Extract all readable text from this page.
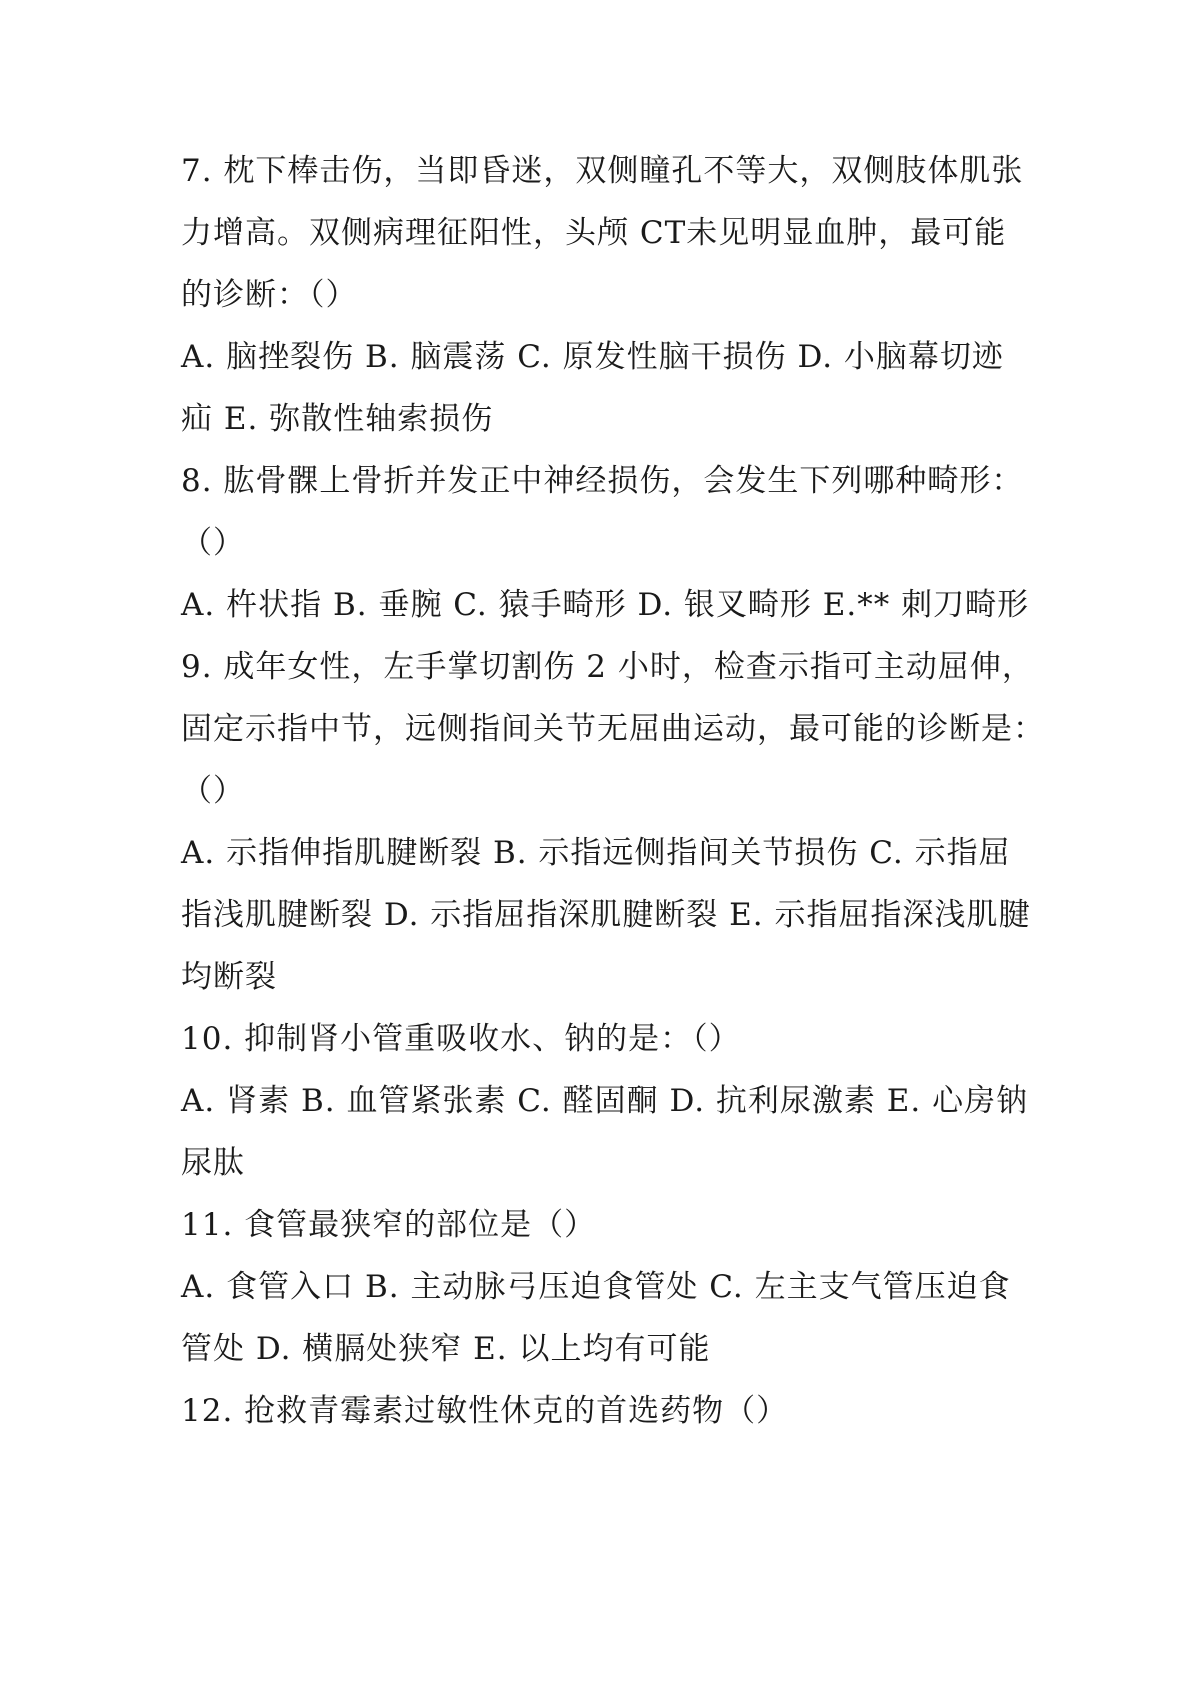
7. 枕下棒击伤，当即昏迷，双侧瞳孔不等大，双侧肢体肌张
力增高。双侧病理征阳性，头颅 CT未见明显血肿，最可能
的诊断：（）
A. 脑挫裂伤 B. 脑震荡 C. 原发性脑干损伤 D. 小脑幕切迹
疝 E. 弥散性轴索损伤
8. 肱骨髁上骨折并发正中神经损伤，会发生下列哪种畸形：
（）
A. 杵状指 B. 垂腕 C. 猿手畸形 D. 银叉畸形 E.** 刺刀畸形
9. 成年女性，左手掌切割伤 2 小时，检查示指可主动屈伸，
固定示指中节，远侧指间关节无屈曲运动，最可能的诊断是：
（）
A. 示指伸指肌腱断裂 B. 示指远侧指间关节损伤 C. 示指屈
指浅肌腱断裂 D. 示指屈指深肌腱断裂 E. 示指屈指深浅肌腱
均断裂
10. 抑制肾小管重吸收水、钠的是：（）
A. 肾素 B. 血管紧张素 C. 醛固酮 D. 抗利尿激素 E. 心房钠
尿肽
11. 食管最狭窄的部位是（）
A. 食管入口 B. 主动脉弓压迫食管处 C. 左主支气管压迫食
管处 D. 横膈处狭窄 E. 以上均有可能
12. 抢救青霉素过敏性休克的首选药物（）
